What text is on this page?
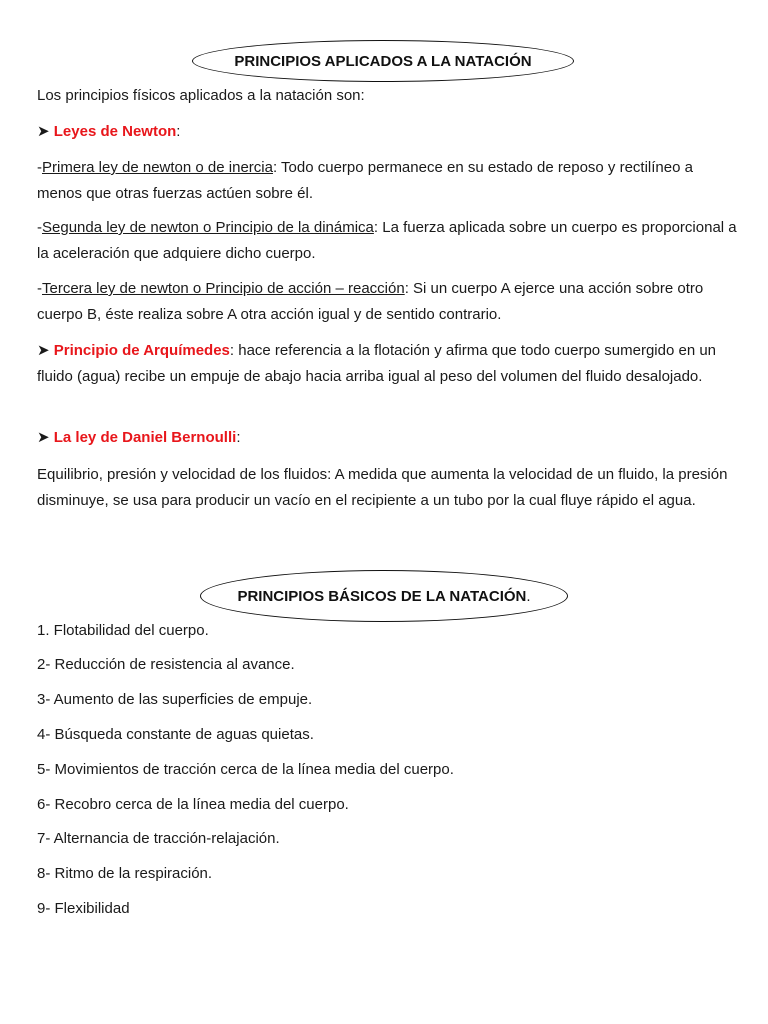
PRINCIPIOS APLICADOS A LA NATACIÓN

Los principios físicos aplicados a la natación son:

➤ Leyes de Newton:

-Primera ley de newton o de inercia: Todo cuerpo permanece en su estado de reposo y rectilíneo a menos que otras fuerzas actúen sobre él.

-Segunda ley de newton o Principio de la dinámica: La fuerza aplicada sobre un cuerpo es proporcional a la aceleración que adquiere dicho cuerpo.

-Tercera ley de newton o Principio de acción – reacción: Si un cuerpo A ejerce una acción sobre otro cuerpo B, éste realiza sobre A otra acción igual y de sentido contrario.

➤ Principio de Arquímedes: hace referencia a la flotación y afirma que todo cuerpo sumergido en un fluido (agua) recibe un empuje de abajo hacia arriba igual al peso del volumen del fluido desalojado.

➤ La ley de Daniel Bernoulli:

Equilibrio, presión y velocidad de los fluidos: A medida que aumenta la velocidad de un fluido, la presión disminuye, se usa para producir un vacío en el recipiente a un tubo por la cual fluye rápido el agua.

PRINCIPIOS BÁSICOS DE LA NATACIÓN .

1. Flotabilidad del cuerpo.

2- Reducción de resistencia al avance.

3- Aumento de las superficies de empuje.

4- Búsqueda constante de aguas quietas.

5- Movimientos de tracción cerca de la línea media del cuerpo.

6- Recobro cerca de la línea media del cuerpo.

7- Alternancia de tracción-relajación.

8- Ritmo de la respiración.

9- Flexibilidad
